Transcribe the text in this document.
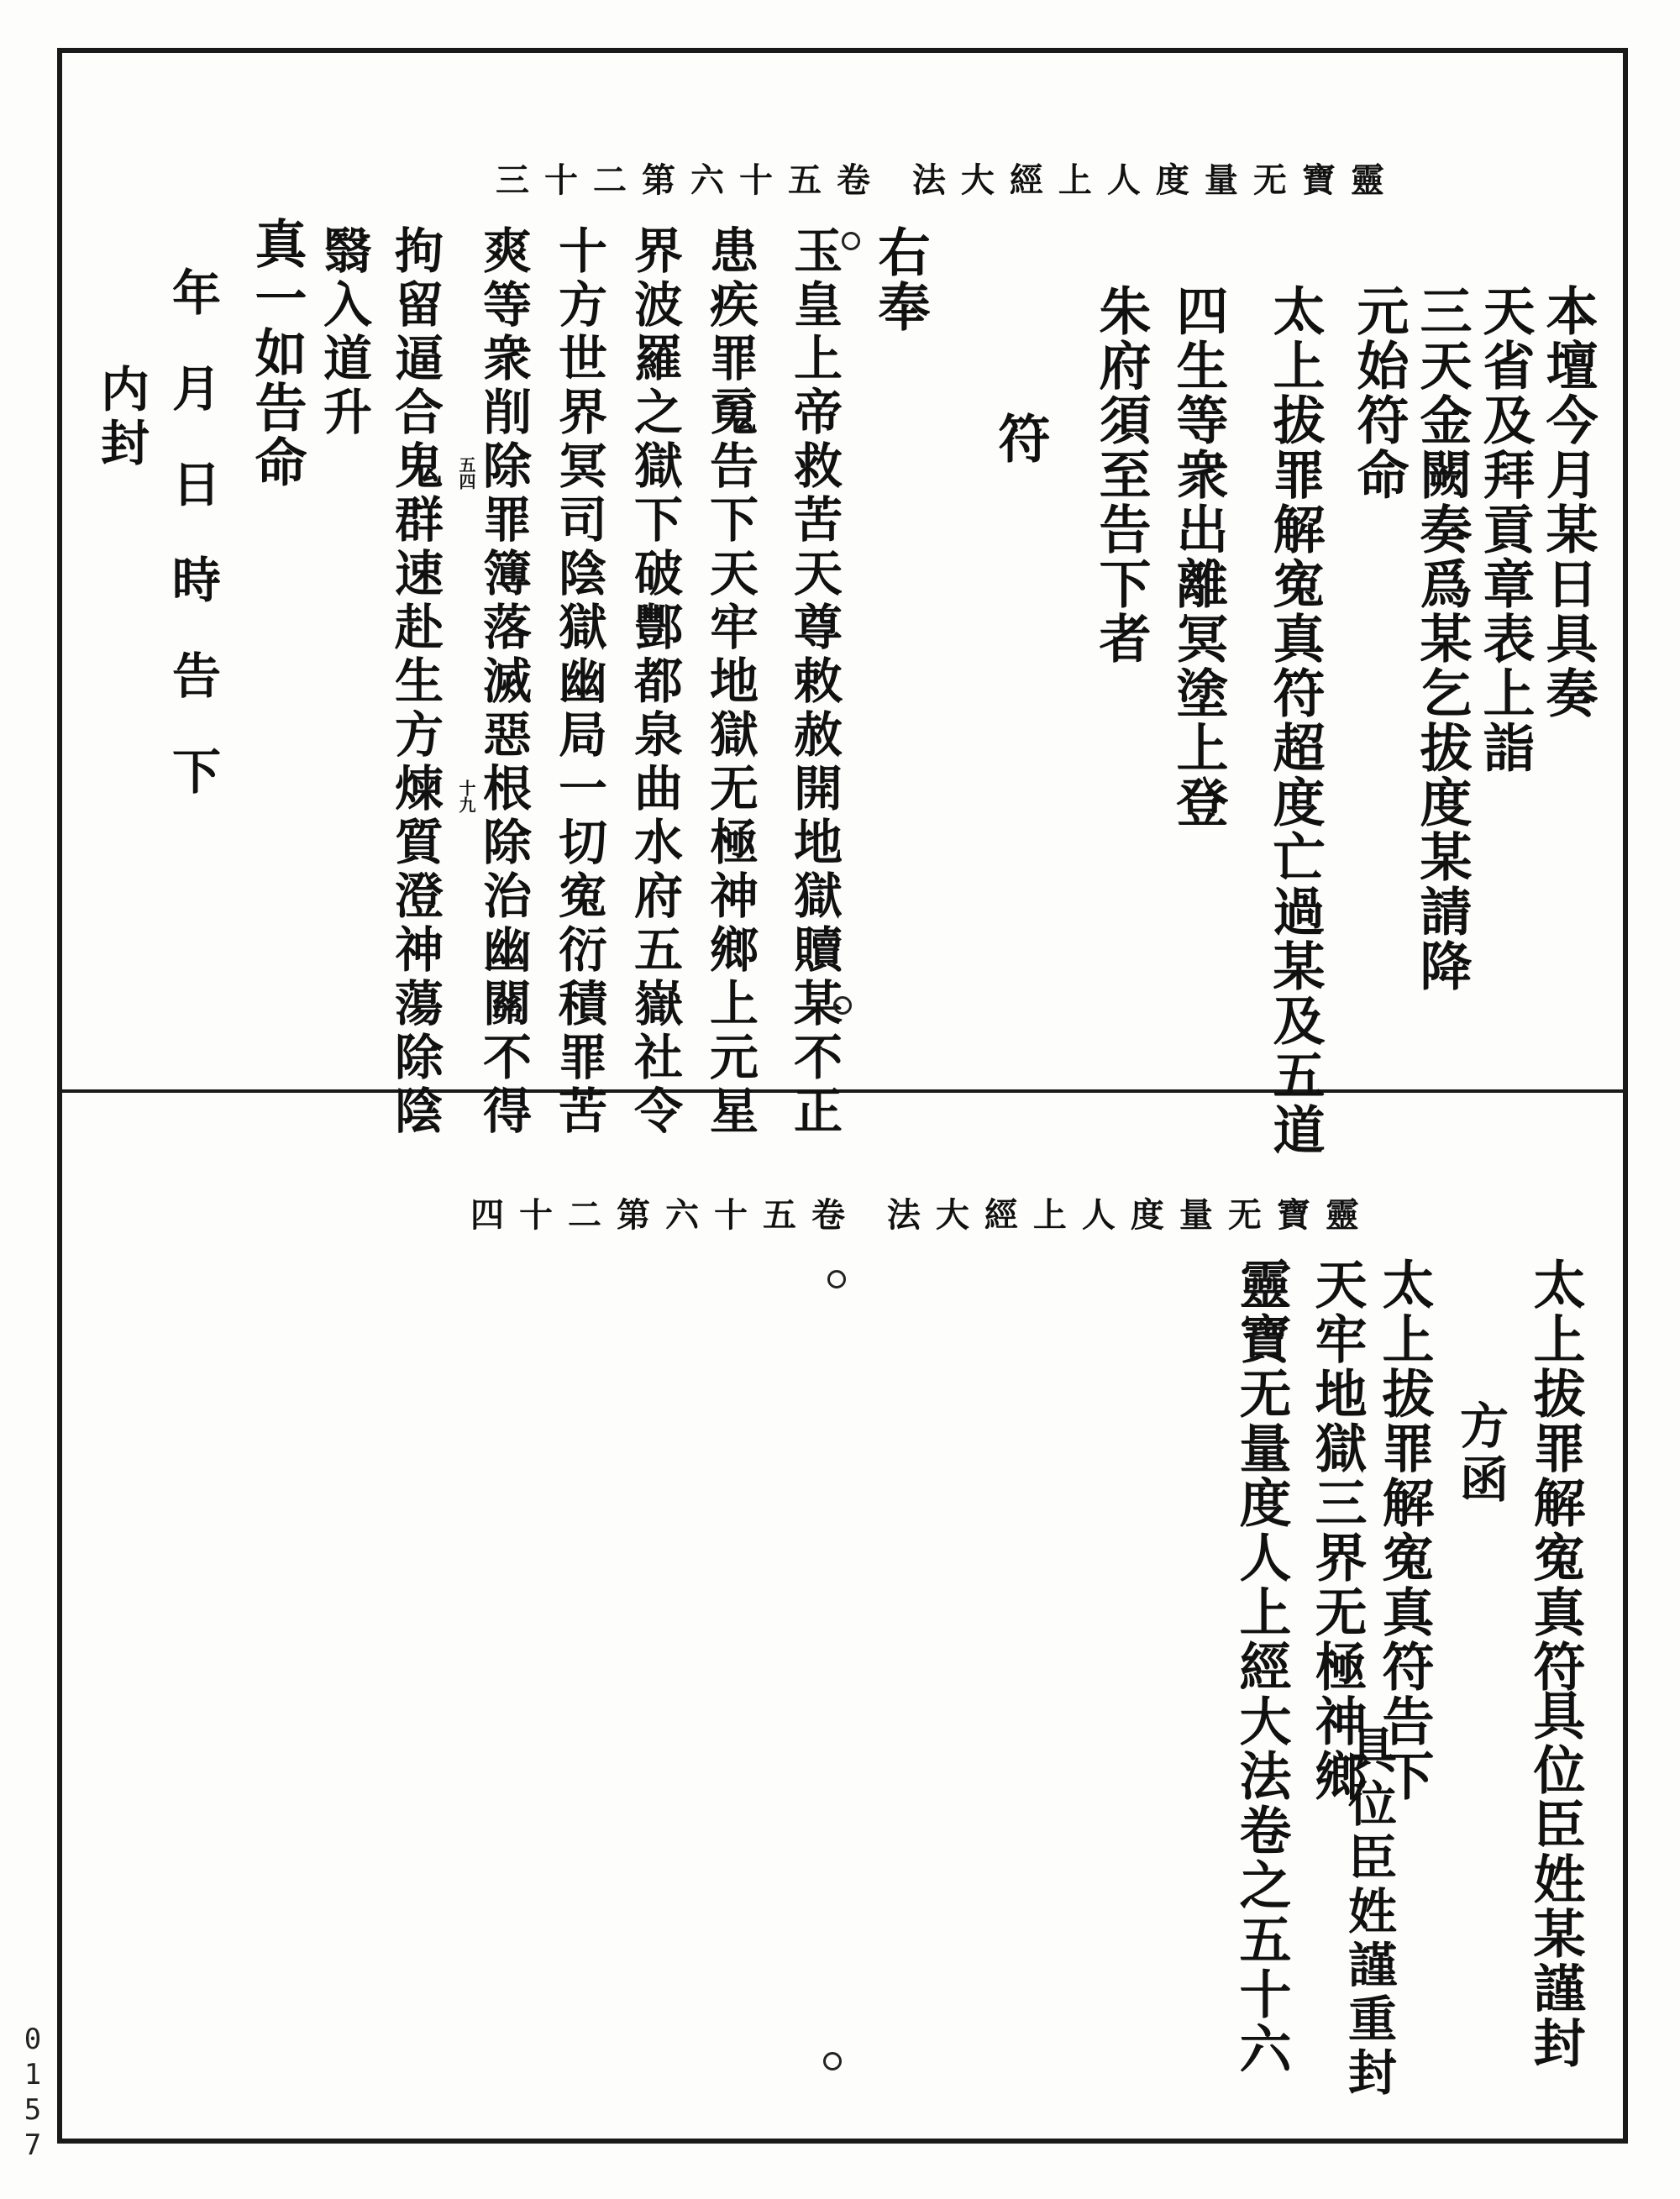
三十二第六十五卷 法大經上人度量无寶靈
本壇今月某日具奏
天省及拜貢章表上詣
三天金闕奏爲某乞拔度某請降
元始符命
太上拔罪解寃真符超度亡過某及五道
四生等衆出離冥塗上登
朱府須至告下者
符
右奉
玉皇上帝救苦天尊敕赦開地獄贖某不正
患疾罪䰟告下天牢地獄无極神鄉上元星
界波羅之獄下破酆都泉曲水府五嶽社令
十方世界冥司陰獄幽局一切寃衍積罪苦
爽等衆削除罪簿落滅惡根除治幽關不得
拘留逼合鬼群速赴生方煉質澄神蕩除陰
翳入道升
真一如告命
年月日時告下
内封
五四
十九
四十二第六十五卷 法大經上人度量无寶靈
太上拔罪解寃真符
具位臣姓某謹封
方函
太上拔罪解寃真符告下
天牢地獄三界无極神鄉
具位臣姓謹重封
靈寶无量度人上經大法卷之五十六
0
1
5
7
